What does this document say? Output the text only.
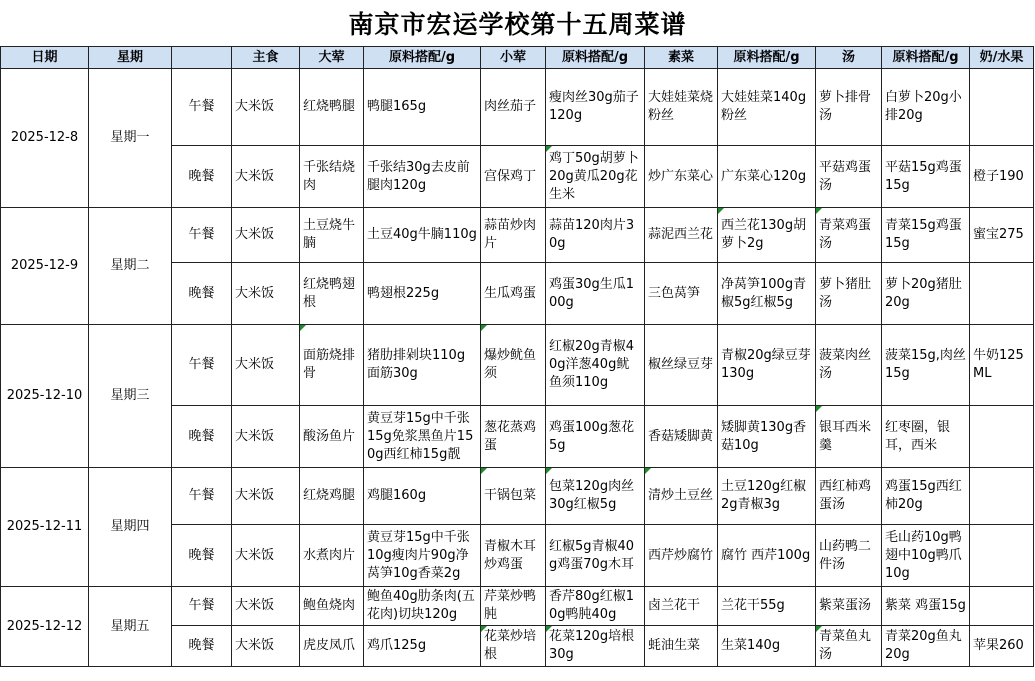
南京市宏运学校第十五周菜谱
日期	星期		主食	大荤	原料搭配/g	小荤	原料搭配/g	素菜	原料搭配/g	汤	原料搭配/g	奶/水果
2025-12-8	星期一	午餐	大米饭	红烧鸭腿	鸭腿165g	肉丝茄子	瘦肉丝30g茄子120g	大娃娃菜烧粉丝	大娃娃菜140g粉丝	萝卜排骨汤	白萝卜20g小排20g	
		晚餐	大米饭	千张结烧肉	千张结30g去皮前腿肉120g	宫保鸡丁	鸡丁50g胡萝卜20g黄瓜20g花生米	炒广东菜心	广东菜心120g	平菇鸡蛋汤	平菇15g鸡蛋15g	橙子190
2025-12-9	星期二	午餐	大米饭	土豆烧牛腩	土豆40g牛腩110g	蒜苗炒肉片	蒜苗120肉片30g	蒜泥西兰花	西兰花130g胡萝卜2g	青菜鸡蛋汤	青菜15g鸡蛋15g	蜜宝275
		晚餐	大米饭	红烧鸭翅根	鸭翅根225g	生瓜鸡蛋	鸡蛋30g生瓜100g	三色莴笋	净莴笋100g青椒5g红椒5g	萝卜猪肚汤	萝卜20g猪肚20g	
2025-12-10	星期三	午餐	大米饭	面筋烧排骨	猪肋排剁块110g面筋30g	爆炒鱿鱼须	红椒20g青椒40g洋葱40g鱿鱼须110g	椒丝绿豆芽	青椒20g绿豆芽130g	菠菜肉丝汤	菠菜15g,肉丝15g	牛奶125ML
		晚餐	大米饭	酸汤鱼片	黄豆芽15g中千张15g免浆黑鱼片150g西红柿15g靓	葱花蒸鸡蛋	鸡蛋100g葱花5g	香菇矮脚黄	矮脚黄130g香菇10g	银耳西米羹	红枣圈，银耳，西米	
2025-12-11	星期四	午餐	大米饭	红烧鸡腿	鸡腿160g	干锅包菜	包菜120g肉丝30g红椒5g	清炒土豆丝	土豆120g红椒2g青椒3g	西红柿鸡蛋汤	鸡蛋15g西红柿20g	
		晚餐	大米饭	水煮肉片	黄豆芽15g中千张10g瘦肉片90g净莴笋10g香菜2g	青椒木耳炒鸡蛋	红椒5g青椒40g鸡蛋70g木耳	西芹炒腐竹	腐竹 西芹100g	山药鸭二件汤	毛山药10g鸭翅中10g鸭爪10g	
2025-12-12	星期五	午餐	大米饭	鲍鱼烧肉	鲍鱼40g肋条肉(五花肉)切块120g	芹菜炒鸭肫	香芹80g红椒10g鸭肫40g	卤兰花干	兰花干55g	紫菜蛋汤	紫菜 鸡蛋15g	
		晚餐	大米饭	虎皮凤爪	鸡爪125g	花菜炒培根	花菜120g培根30g	蚝油生菜	生菜140g	青菜鱼丸汤	青菜20g鱼丸20g	苹果260
